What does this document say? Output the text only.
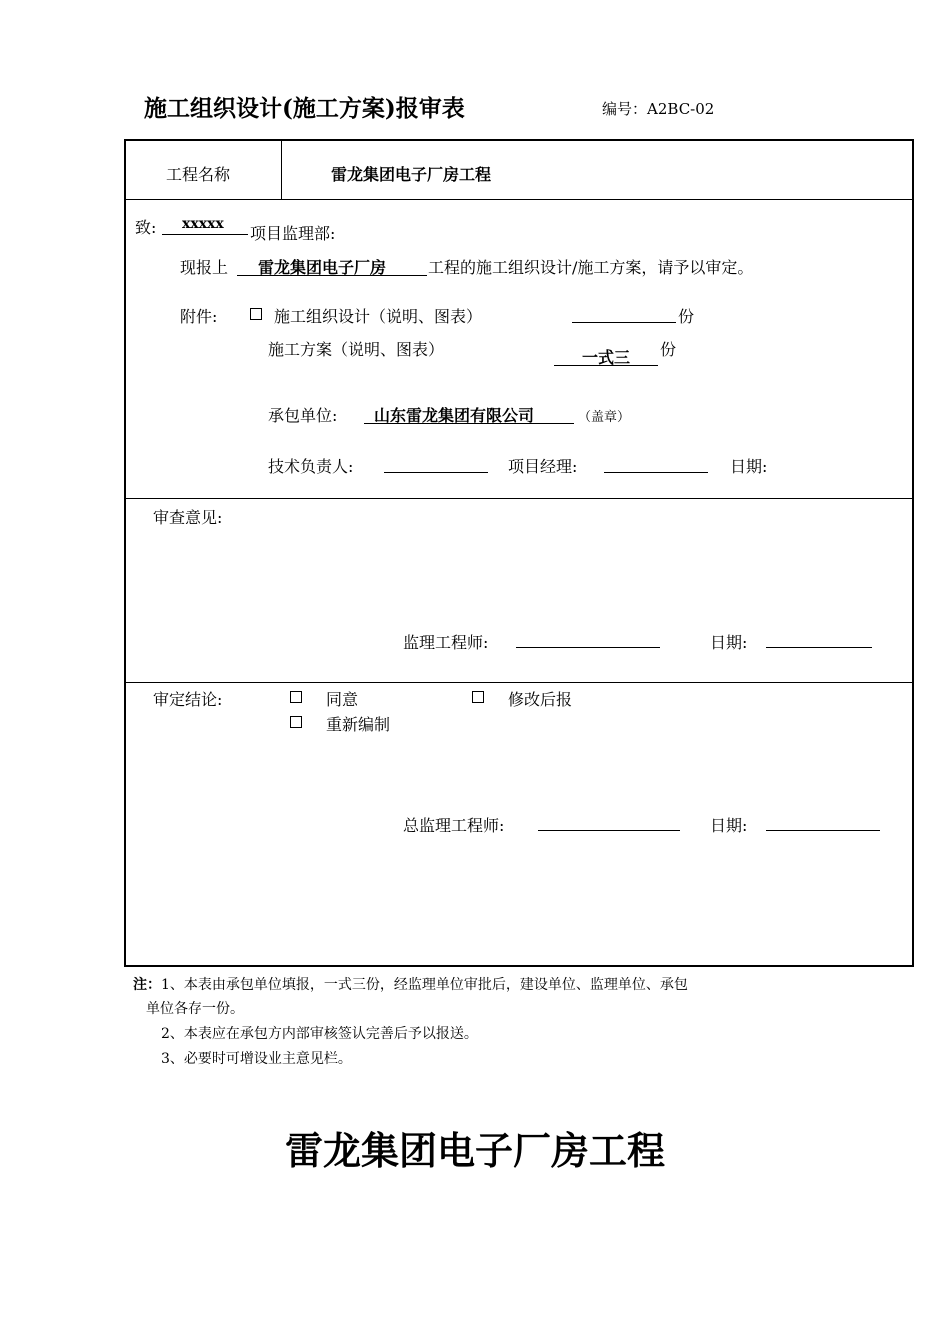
施工组织设计(施工方案)报审表	编号：A2BC-02
工程名称	雷龙集团电子厂房工程
致: xxxxx 项目监理部:
现报上 雷龙集团电子厂房	工程的施工组织设计/施工方案，请予以审定。
附件:	施工组织设计（说明、图表）	份
施工方案（说明、图表）	一式三 份
承包单位: 山东雷龙集团有限公司	（盖章）
技术负责人:	项目经理:	日期:
审查意见:
监理工程师:	日期:
审定结论:	同意	修改后报
重新编制
总监理工程师:	日期:
注：1、本表由承包单位填报，一式三份，经监理单位审批后，建设单位、监理单位、承包
单位各存一份。
2、本表应在承包方内部审核签认完善后予以报送。
3、必要时可增设业主意见栏。
雷龙集团电子厂房工程
